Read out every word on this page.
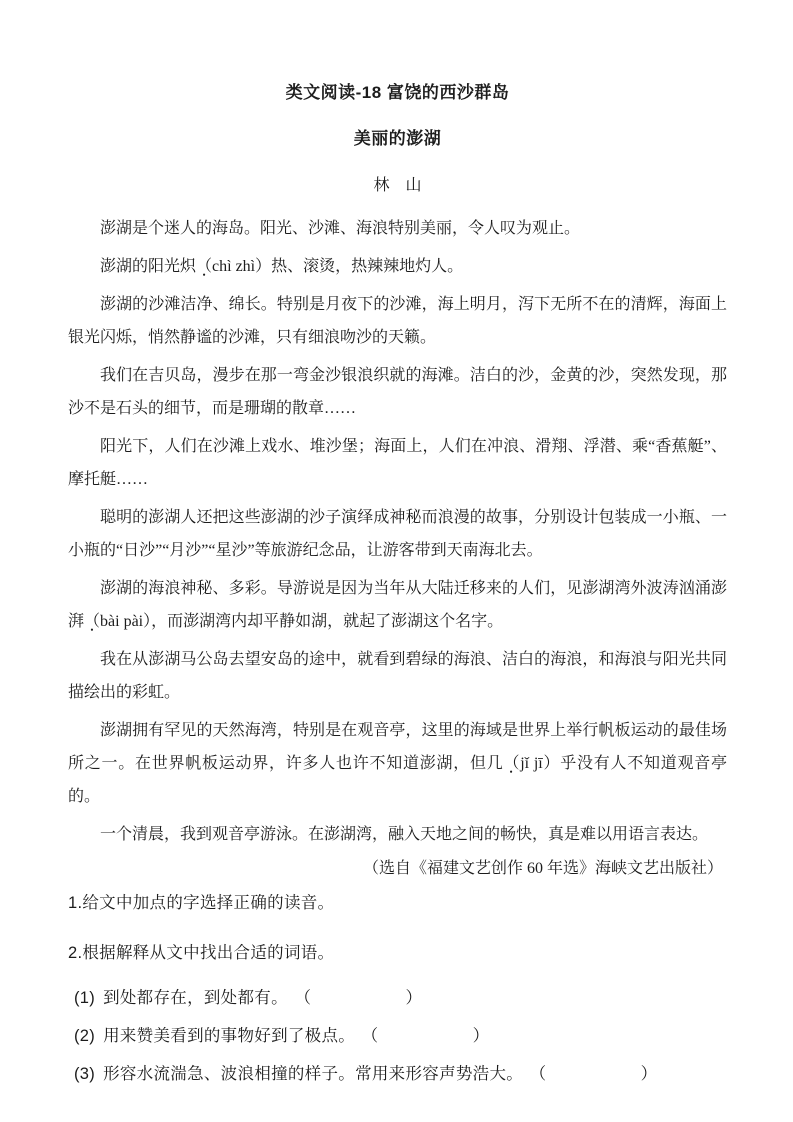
类文阅读-18 富饶的西沙群岛
美丽的澎湖
林　山

澎湖是个迷人的海岛。阳光、沙滩、海浪特别美丽，令人叹为观止。

澎湖的阳光炽（chì zhì）热、滚烫，热辣辣地灼人。

澎湖的沙滩洁净、绵长。特别是月夜下的沙滩，海上明月，泻下无所不在的清辉，海面上银光闪烁，悄然静谧的沙滩，只有细浪吻沙的天籁。

我们在吉贝岛，漫步在那一弯金沙银浪织就的海滩。洁白的沙，金黄的沙，突然发现，那沙不是石头的细节，而是珊瑚的散章……

阳光下，人们在沙滩上戏水、堆沙堡；海面上，人们在冲浪、滑翔、浮潜、乘“香蕉艇”、摩托艇……

聪明的澎湖人还把这些澎湖的沙子演绎成神秘而浪漫的故事，分别设计包装成一小瓶、一小瓶的“日沙”“月沙”“星沙”等旅游纪念品，让游客带到天南海北去。

澎湖的海浪神秘、多彩。导游说是因为当年从大陆迁移来的人们，见澎湖湾外波涛汹涌澎湃（bài pài），而澎湖湾内却平静如湖，就起了澎湖这个名字。

我在从澎湖马公岛去望安岛的途中，就看到碧绿的海浪、洁白的海浪，和海浪与阳光共同描绘出的彩虹。

澎湖拥有罕见的天然海湾，特别是在观音亭，这里的海域是世界上举行帆板运动的最佳场所之一。在世界帆板运动界，许多人也许不知道澎湖，但几（jǐ jī）乎没有人不知道观音亭的。

一个清晨，我到观音亭游泳。在澎湖湾，融入天地之间的畅快，真是难以用语言表达。

（选自《福建文艺创作 60 年选》海峡文艺出版社）
1.给文中加点的字选择正确的读音。
2.根据解释从文中找出合适的词语。

(1) 到处都存在，到处都有。 （　　　　　）

(2) 用来赞美看到的事物好到了极点。 （　　　　　）

(3) 形容水流湍急、波浪相撞的样子。常用来形容声势浩大。 （　　　　　）
